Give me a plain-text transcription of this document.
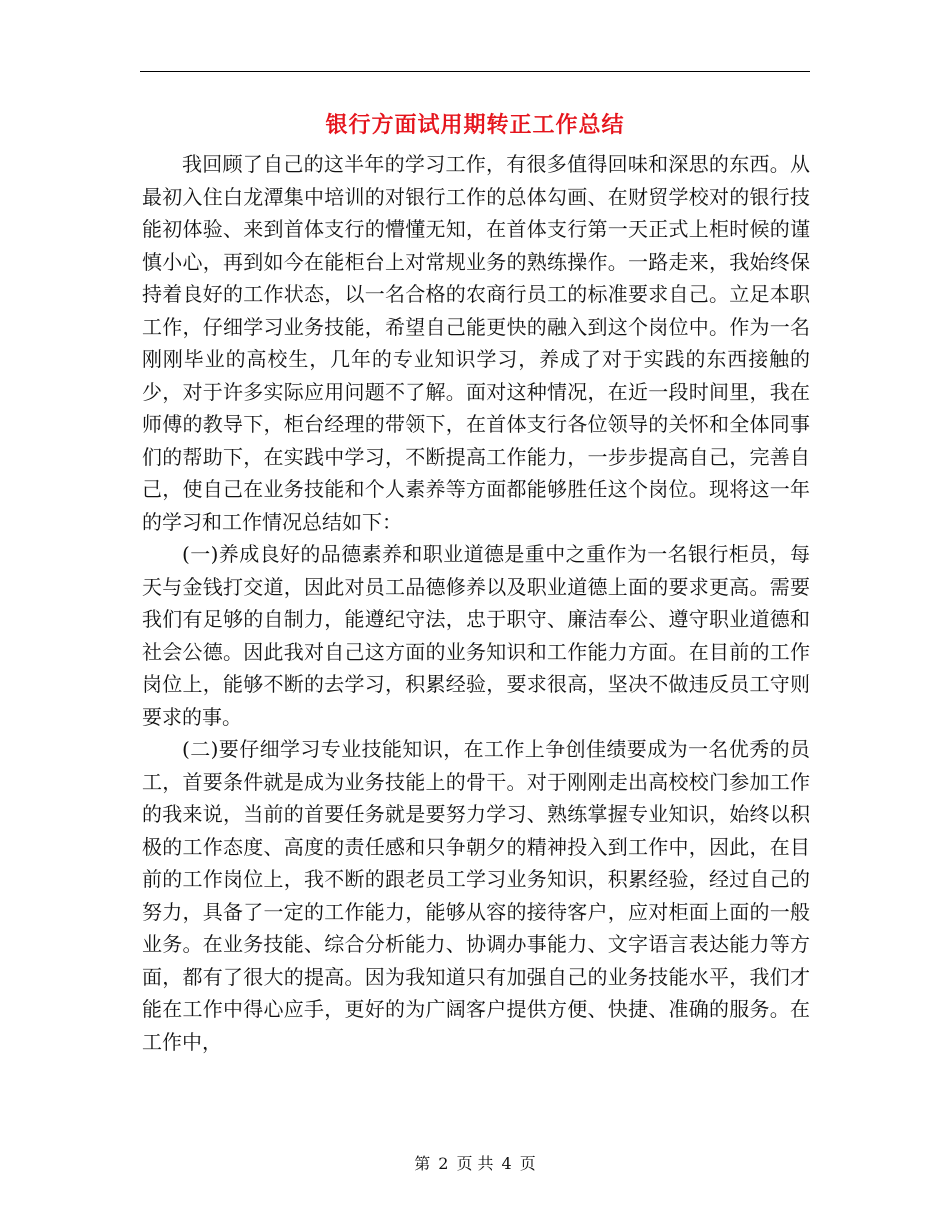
银行方面试用期转正工作总结

我回顾了自己的这半年的学习工作，有很多值得回味和深思的东西。从最初入住白龙潭集中培训的对银行工作的总体勾画、在财贸学校对的银行技能初体验、来到首体支行的懵懂无知，在首体支行第一天正式上柜时候的谨慎小心，再到如今在能柜台上对常规业务的熟练操作。一路走来，我始终保持着良好的工作状态，以一名合格的农商行员工的标准要求自己。立足本职工作，仔细学习业务技能，希望自己能更快的融入到这个岗位中。作为一名刚刚毕业的高校生，几年的专业知识学习，养成了对于实践的东西接触的少，对于许多实际应用问题不了解。面对这种情况，在近一段时间里，我在师傅的教导下，柜台经理的带领下，在首体支行各位领导的关怀和全体同事们的帮助下，在实践中学习，不断提高工作能力，一步步提高自己，完善自己，使自己在业务技能和个人素养等方面都能够胜任这个岗位。现将这一年的学习和工作情况总结如下：

(一)养成良好的品德素养和职业道德是重中之重作为一名银行柜员，每天与金钱打交道，因此对员工品德修养以及职业道德上面的要求更高。需要我们有足够的自制力，能遵纪守法，忠于职守、廉洁奉公、遵守职业道德和社会公德。因此我对自己这方面的业务知识和工作能力方面。在目前的工作岗位上，能够不断的去学习，积累经验，要求很高，坚决不做违反员工守则要求的事。

(二)要仔细学习专业技能知识，在工作上争创佳绩要成为一名优秀的员工，首要条件就是成为业务技能上的骨干。对于刚刚走出高校校门参加工作的我来说，当前的首要任务就是要努力学习、熟练掌握专业知识，始终以积极的工作态度、高度的责任感和只争朝夕的精神投入到工作中，因此，在目前的工作岗位上，我不断的跟老员工学习业务知识，积累经验，经过自己的努力，具备了一定的工作能力，能够从容的接待客户，应对柜面上面的一般业务。在业务技能、综合分析能力、协调办事能力、文字语言表达能力等方面，都有了很大的提高。因为我知道只有加强自己的业务技能水平，我们才能在工作中得心应手，更好的为广阔客户提供方便、快捷、准确的服务。在工作中，

第 2 页 共 4 页
